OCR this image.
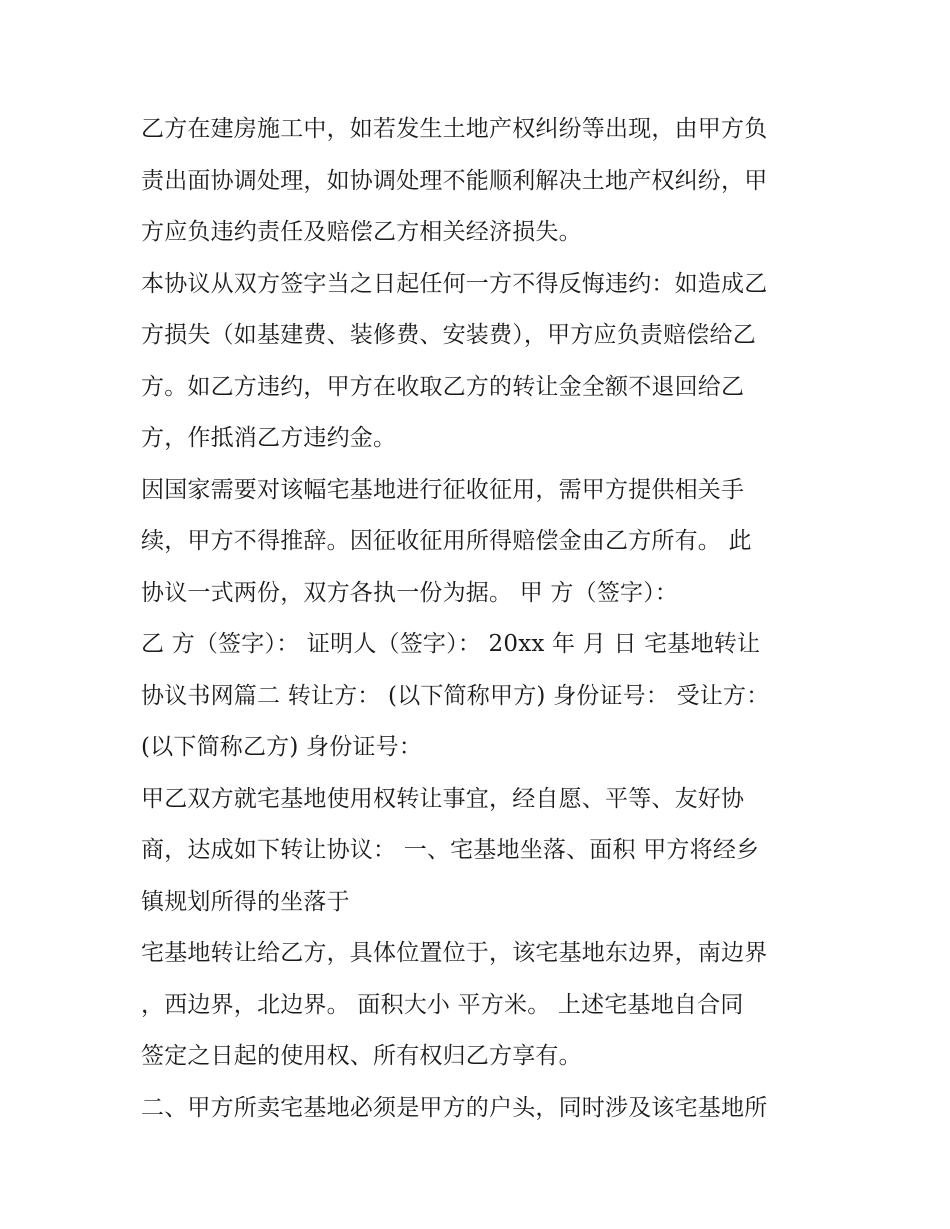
乙方在建房施工中，如若发生土地产权纠纷等出现，由甲方负
责出面协调处理，如协调处理不能顺利解决土地产权纠纷，甲
方应负违约责任及赔偿乙方相关经济损失。
本协议从双方签字当之日起任何一方不得反悔违约：如造成乙
方损失（如基建费、装修费、安装费），甲方应负责赔偿给乙
方。如乙方违约，甲方在收取乙方的转让金全额不退回给乙
方，作抵消乙方违约金。
因国家需要对该幅宅基地进行征收征用，需甲方提供相关手
续，甲方不得推辞。因征收征用所得赔偿金由乙方所有。 此
协议一式两份，双方各执一份为据。 甲 方（签字）：
乙 方（签字）： 证明人（签字）： 20xx 年 月 日 宅基地转让
协议书网篇二 转让方： (以下简称甲方) 身份证号： 受让方：
(以下简称乙方) 身份证号：
甲乙双方就宅基地使用权转让事宜，经自愿、平等、友好协
商，达成如下转让协议： 一、宅基地坐落、面积 甲方将经乡
镇规划所得的坐落于
宅基地转让给乙方，具体位置位于，该宅基地东边界，南边界
，西边界，北边界。 面积大小 平方米。 上述宅基地自合同
签定之日起的使用权、所有权归乙方享有。
二、甲方所卖宅基地必须是甲方的户头，同时涉及该宅基地所
